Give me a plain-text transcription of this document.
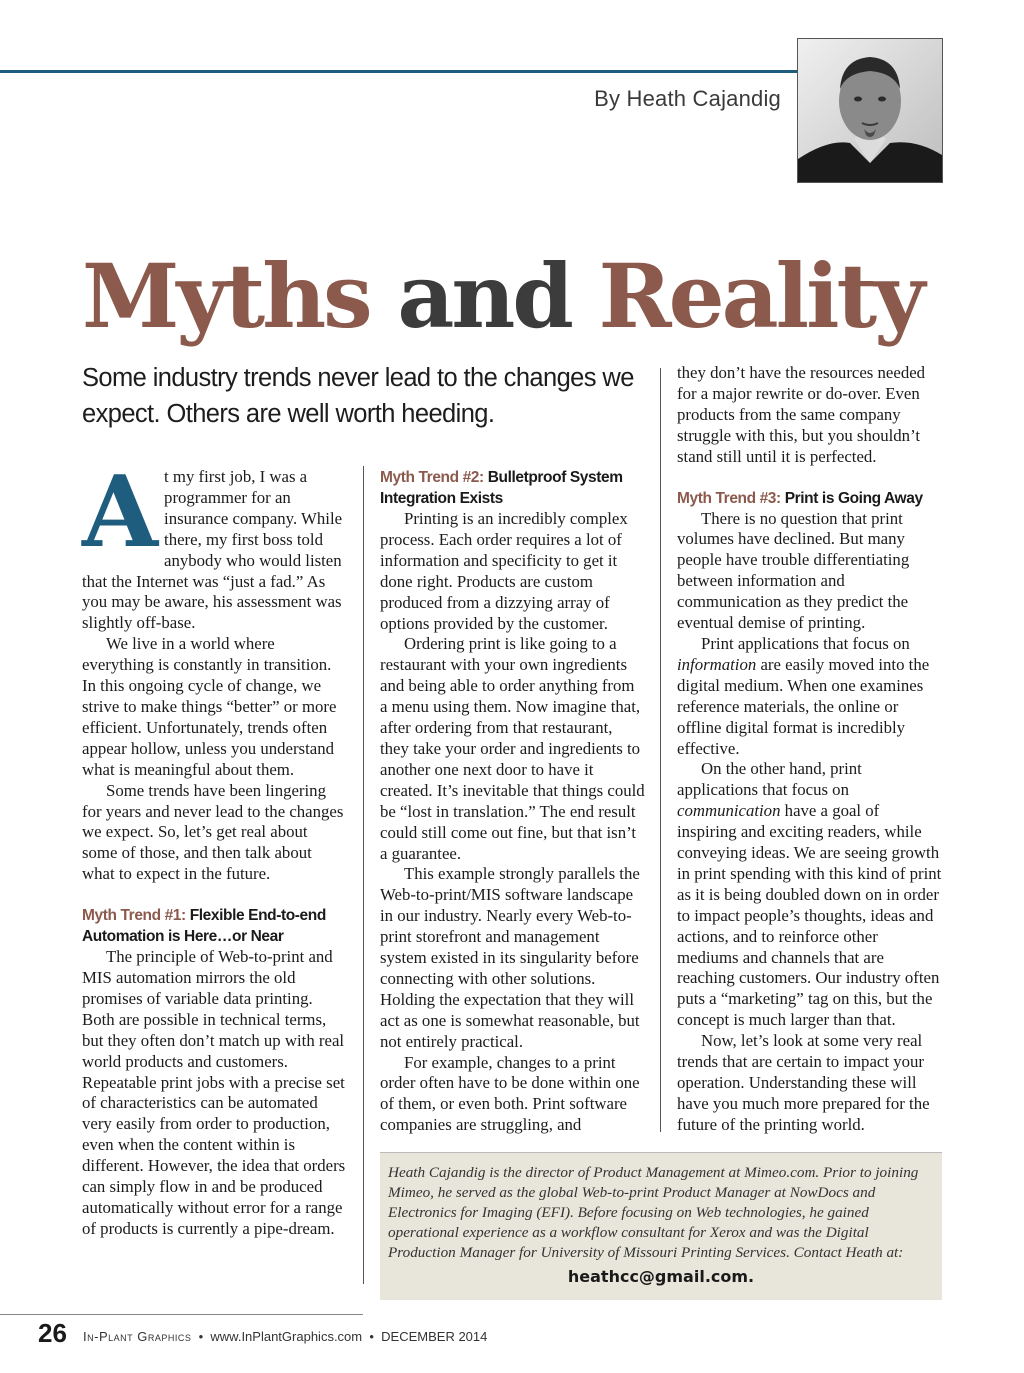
By Heath Cajandig
Myths and Reality
Some industry trends never lead to the changes we expect. Others are well worth heeding.
A t my first job, I was a programmer for an insurance company. While there, my first boss told anybody who would listen that the Internet was “just a fad.” As you may be aware, his assessment was slightly off-base.

We live in a world where everything is constantly in transition.

In this ongoing cycle of change, we strive to make things “better” or more efficient. Unfortunately, trends often appear hollow, unless you understand what is meaningful about them.

Some trends have been lingering for years and never lead to the changes we expect. So, let’s get real about some of those, and then talk about what to expect in the future.

Myth Trend #1: Flexible End-to-end Automation is Here…or Near

The principle of Web-to-print and MIS automation mirrors the old promises of variable data printing. Both are possible in technical terms, but they often don’t match up with real world products and customers. Repeatable print jobs with a precise set of characteristics can be automated very easily from order to production, even when the content within is different. However, the idea that orders can simply flow in and be produced automatically without error for a range of products is currently a pipe-dream.

Myth Trend #2: Bulletproof System Integration Exists

Printing is an incredibly complex process. Each order requires a lot of information and specificity to get it done right. Products are custom produced from a dizzying array of options provided by the customer.

Ordering print is like going to a restaurant with your own ingredients and being able to order anything from a menu using them. Now imagine that, after ordering from that restaurant, they take your order and ingredients to another one next door to have it created. It’s inevitable that things could be “lost in translation.” The end result could still come out fine, but that isn’t a guarantee.

This example strongly parallels the Web-to-print/MIS software landscape in our industry. Nearly every Web-to-print storefront and management system existed in its singularity before connecting with other solutions. Holding the expectation that they will act as one is somewhat reasonable, but not entirely practical.

For example, changes to a print order often have to be done within one of them, or even both. Print software companies are struggling, and

they don’t have the resources needed for a major rewrite or do-over. Even products from the same company struggle with this, but you shouldn’t stand still until it is perfected.

Myth Trend #3: Print is Going Away

There is no question that print volumes have declined. But many people have trouble differentiating between information and communication as they predict the eventual demise of printing.

Print applications that focus on information are easily moved into the digital medium. When one examines reference materials, the online or offline digital format is incredibly effective.

On the other hand, print applications that focus on communication have a goal of inspiring and exciting readers, while conveying ideas. We are seeing growth in print spending with this kind of print as it is being doubled down on in order to impact people’s thoughts, ideas and actions, and to reinforce other mediums and channels that are reaching customers. Our industry often puts a “marketing” tag on this, but the concept is much larger than that.

Now, let’s look at some very real trends that are certain to impact your operation. Understanding these will have you much more prepared for the future of the printing world.

Heath Cajandig is the director of Product Management at Mimeo.com. Prior to joining Mimeo, he served as the global Web-to-print Product Manager at NowDocs and Electronics for Imaging (EFI). Before focusing on Web technologies, he gained operational experience as a workflow consultant for Xerox and was the Digital Production Manager for University of Missouri Printing Services. Contact Heath at:
heathcc@gmail.com.
26 In-Plant Graphics • www.InPlantGraphics.com • DECEMBER 2014
